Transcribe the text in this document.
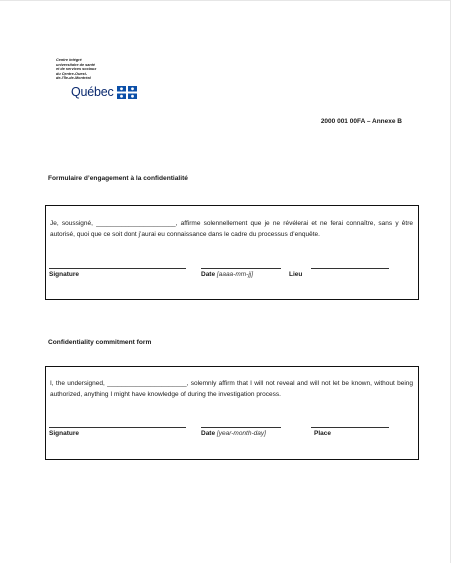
Centre intégré
universitaire de santé
et de services sociaux
du Centre-Ouest-
de-l’Île-de-Montréal
Québec
2000 001 00FA – Annexe B
Formulaire d’engagement à la confidentialité
Je, soussigné, ______________________, affirme solennellement que je ne révélerai et ne ferai connaître, sans y être autorisé, quoi que ce soit dont j’aurai eu connaissance dans le cadre du processus d’enquête.
Signature	Date [aaaa-mm-jj]	Lieu
Confidentiality commitment form
I, the undersigned, ______________________, solemnly affirm that I will not reveal and will not let be known, without being authorized, anything I might have knowledge of during the investigation process.
Signature	Date [year-month-day]	Place
